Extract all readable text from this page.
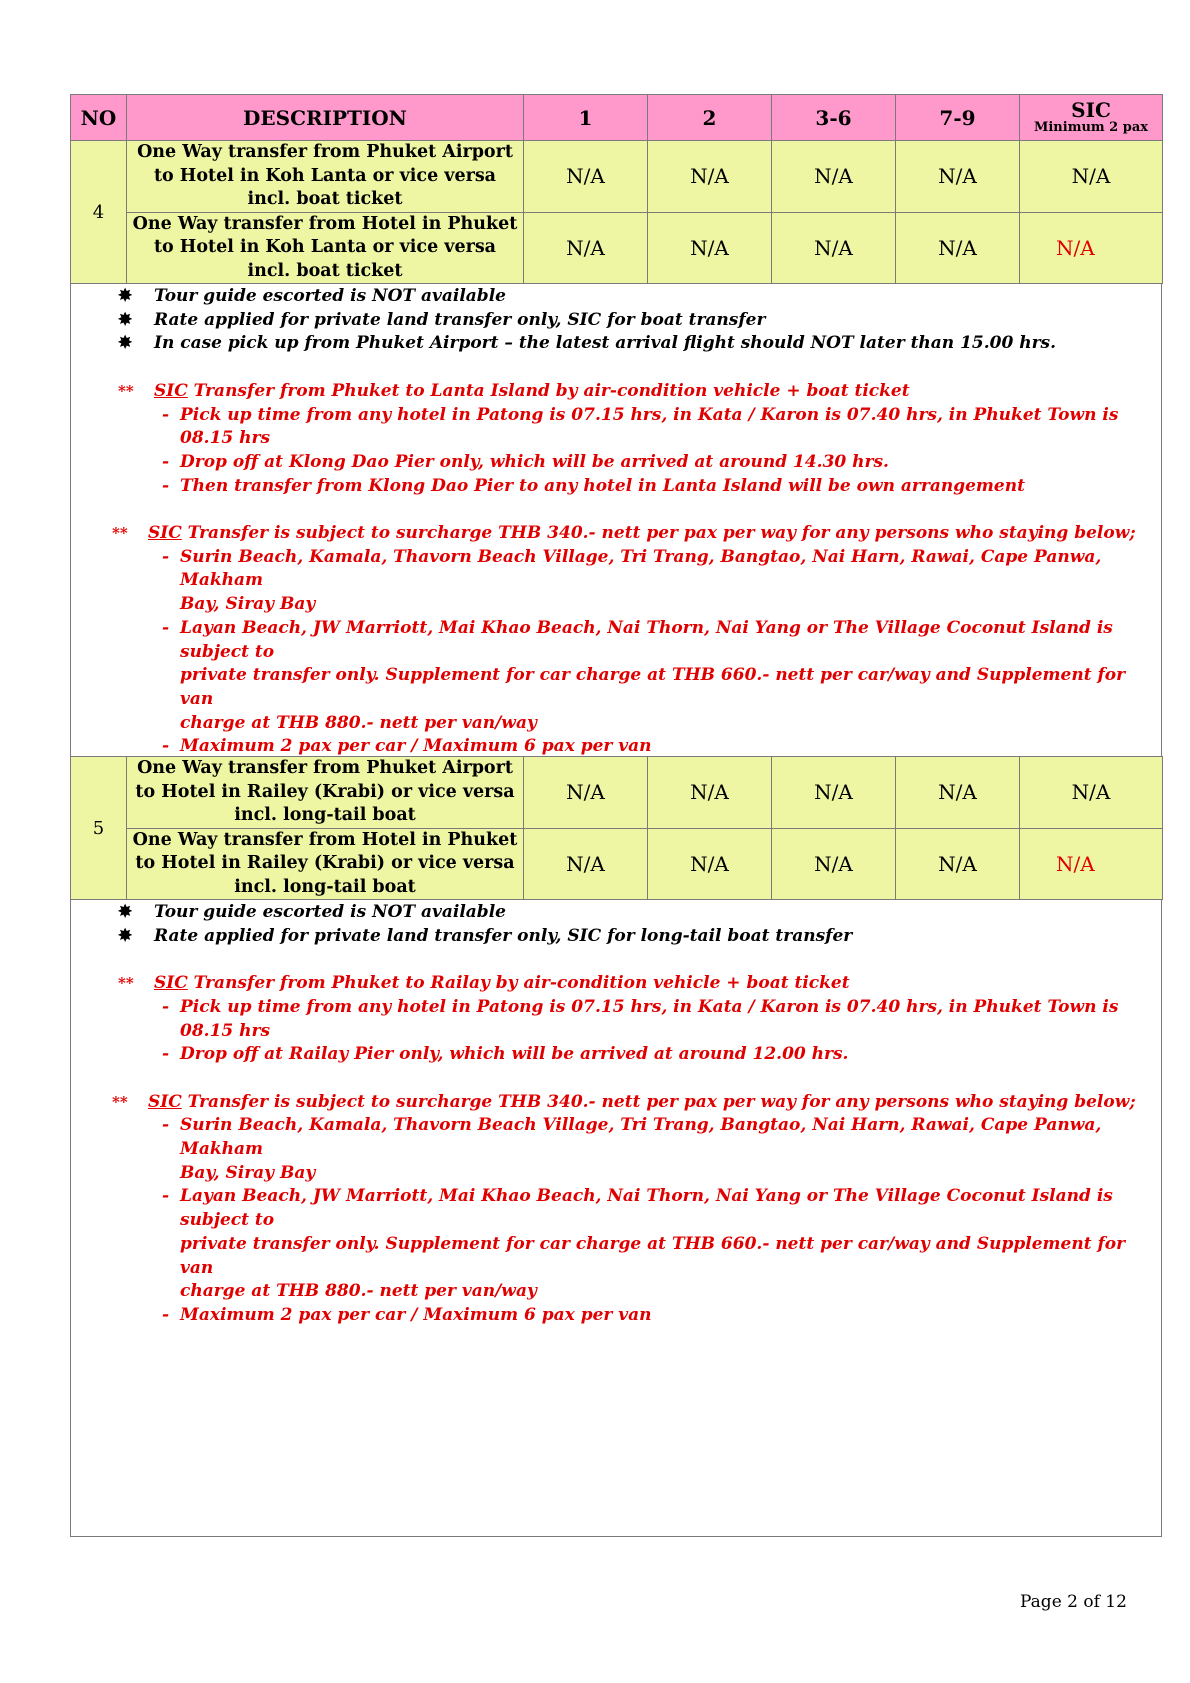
NO	DESCRIPTION	1	2	3-6	7-9	SIC
Minimum 2 pax

4	One Way transfer from Phuket Airport
to Hotel in Koh Lanta or vice versa
incl. boat ticket	N/A	N/A	N/A	N/A	N/A

	One Way transfer from Hotel in Phuket
to Hotel in Koh Lanta or vice versa
incl. boat ticket	N/A	N/A	N/A	N/A	N/A
✸ Tour guide escorted is NOT available
✸ Rate applied for private land transfer only, SIC for boat transfer
✸ In case pick up from Phuket Airport – the latest arrival flight should NOT later than 15.00 hrs.
** SIC Transfer from Phuket to Lanta Island by air-condition vehicle + boat ticket
- Pick up time from any hotel in Patong is 07.15 hrs, in Kata / Karon is 07.40 hrs, in Phuket Town is 08.15 hrs
- Drop off at Klong Dao Pier only, which will be arrived at around 14.30 hrs.
- Then transfer from Klong Dao Pier to any hotel in Lanta Island will be own arrangement
** SIC Transfer is subject to surcharge THB 340.- nett per pax per way for any persons who staying below;
- Surin Beach, Kamala, Thavorn Beach Village, Tri Trang, Bangtao, Nai Harn, Rawai, Cape Panwa, Makham
Bay, Siray Bay
- Layan Beach, JW Marriott, Mai Khao Beach, Nai Thorn, Nai Yang or The Village Coconut Island is subject to
private transfer only. Supplement for car charge at THB 660.- nett per car/way and Supplement for van
charge at THB 880.- nett per van/way
- Maximum 2 pax per car / Maximum 6 pax per van
5	One Way transfer from Phuket Airport
to Hotel in Railey (Krabi) or vice versa
incl. long-tail boat	N/A	N/A	N/A	N/A	N/A

	One Way transfer from Hotel in Phuket
to Hotel in Railey (Krabi) or vice versa
incl. long-tail boat	N/A	N/A	N/A	N/A	N/A
✸ Tour guide escorted is NOT available
✸ Rate applied for private land transfer only, SIC for long-tail boat transfer
** SIC Transfer from Phuket to Railay by air-condition vehicle + boat ticket
- Pick up time from any hotel in Patong is 07.15 hrs, in Kata / Karon is 07.40 hrs, in Phuket Town is 08.15 hrs
- Drop off at Railay Pier only, which will be arrived at around 12.00 hrs.
** SIC Transfer is subject to surcharge THB 340.- nett per pax per way for any persons who staying below;
- Surin Beach, Kamala, Thavorn Beach Village, Tri Trang, Bangtao, Nai Harn, Rawai, Cape Panwa, Makham
Bay, Siray Bay
- Layan Beach, JW Marriott, Mai Khao Beach, Nai Thorn, Nai Yang or The Village Coconut Island is subject to
private transfer only. Supplement for car charge at THB 660.- nett per car/way and Supplement for van
charge at THB 880.- nett per van/way
- Maximum 2 pax per car / Maximum 6 pax per van
Page 2 of 12
